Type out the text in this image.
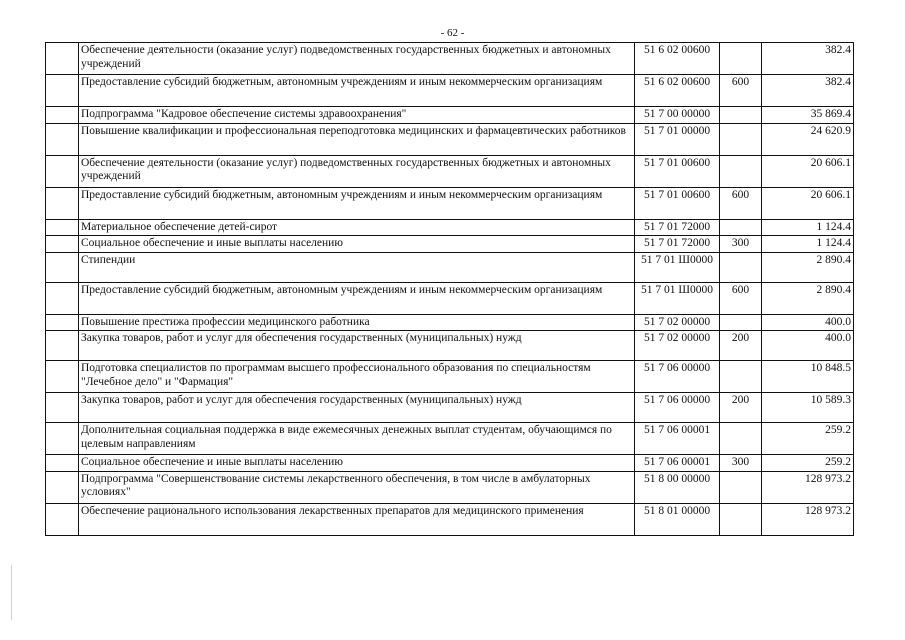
- 62 -
	Обеспечение деятельности (оказание услуг) подведомственных государственных бюджетных и автономных учреждений	51 6 02 00600		382.4
	Предоставление субсидий бюджетным, автономным учреждениям и иным некоммерческим организациям	51 6 02 00600	600	382.4
	Подпрограмма "Кадровое обеспечение системы здравоохранения"	51 7 00 00000		35 869.4
	Повышение квалификации и профессиональная переподготовка медицинских и фармацевтических работников	51 7 01 00000		24 620.9
	Обеспечение деятельности (оказание услуг) подведомственных государственных бюджетных и автономных учреждений	51 7 01 00600		20 606.1
	Предоставление субсидий бюджетным, автономным учреждениям и иным некоммерческим организациям	51 7 01 00600	600	20 606.1
	Материальное обеспечение детей-сирот	51 7 01 72000		1 124.4
	Социальное обеспечение и иные выплаты населению	51 7 01 72000	300	1 124.4
	Стипендии	51 7 01 Ш0000		2 890.4
	Предоставление субсидий бюджетным, автономным учреждениям и иным некоммерческим организациям	51 7 01 Ш0000	600	2 890.4
	Повышение престижа профессии медицинского работника	51 7 02 00000		400.0
	Закупка товаров, работ и услуг для обеспечения государственных (муниципальных) нужд	51 7 02 00000	200	400.0
	Подготовка специалистов по программам высшего профессионального образования по специальностям "Лечебное дело" и "Фармация"	51 7 06 00000		10 848.5
	Закупка товаров, работ и услуг для обеспечения государственных (муниципальных) нужд	51 7 06 00000	200	10 589.3
	Дополнительная социальная поддержка в виде ежемесячных денежных выплат студентам, обучающимся по целевым направлениям	51 7 06 00001		259.2
	Социальное обеспечение и иные выплаты населению	51 7 06 00001	300	259.2
	Подпрограмма "Совершенствование системы лекарственного обеспечения, в том числе в амбулаторных условиях"	51 8 00 00000		128 973.2
	Обеспечение рационального использования лекарственных препаратов для медицинского применения	51 8 01 00000		128 973.2
